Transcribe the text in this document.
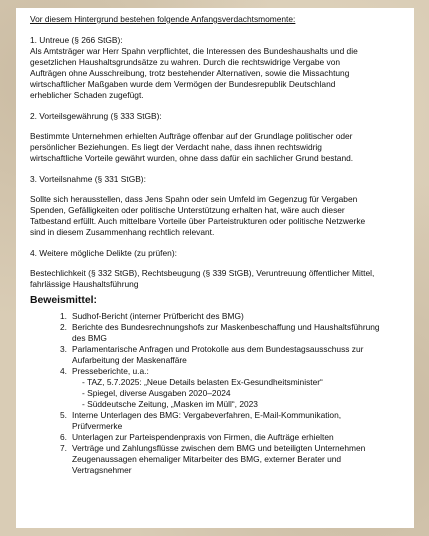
Vor diesem Hintergrund bestehen folgende Anfangsverdachtsmomente:

1. Untreue (§ 266 StGB):

Als Amtsträger war Herr Spahn verpflichtet, die Interessen des Bundeshaushalts und die

gesetzlichen Haushaltsgrundsätze zu wahren. Durch die rechtswidrige Vergabe von

Aufträgen ohne Ausschreibung, trotz bestehender Alternativen, sowie die Missachtung

wirtschaftlicher Maßgaben wurde dem Vermögen der Bundesrepublik Deutschland

erheblicher Schaden zugefügt.

2. Vorteilsgewährung (§ 333 StGB):

Bestimmte Unternehmen erhielten Aufträge offenbar auf der Grundlage politischer oder

persönlicher Beziehungen. Es liegt der Verdacht nahe, dass ihnen rechtswidrig

wirtschaftliche Vorteile gewährt wurden, ohne dass dafür ein sachlicher Grund bestand.

3. Vorteilsnahme (§ 331 StGB):

Sollte sich herausstellen, dass Jens Spahn oder sein Umfeld im Gegenzug für Vergaben

Spenden, Gefälligkeiten oder politische Unterstützung erhalten hat, wäre auch dieser

Tatbestand erfüllt. Auch mittelbare Vorteile über Parteistrukturen oder politische Netzwerke

sind in diesem Zusammenhang rechtlich relevant.

4. Weitere mögliche Delikte (zu prüfen):

Bestechlichkeit (§ 332 StGB), Rechtsbeugung (§ 339 StGB), Veruntreuung öffentlicher Mittel,

fahrlässige Haushaltsführung

Beweismittel:

1. Sudhof-Bericht (interner Prüfbericht des BMG)
2. Berichte des Bundesrechnungshofs zur Maskenbeschaffung und Haushaltsführung
des BMG
3. Parlamentarische Anfragen und Protokolle aus dem Bundestagsausschuss zur
Aufarbeitung der Maskenaffäre
4. Presseberichte, u.a.:
- TAZ, 5.7.2025: „Neue Details belasten Ex-Gesundheitsminister“
- Spiegel, diverse Ausgaben 2020–2024
- Süddeutsche Zeitung, „Masken im Müll“, 2023
5. Interne Unterlagen des BMG: Vergabeverfahren, E-Mail-Kommunikation,
Prüfvermerke
6. Unterlagen zur Parteispendenpraxis von Firmen, die Aufträge erhielten
7. Verträge und Zahlungsflüsse zwischen dem BMG und beteiligten Unternehmen
Zeugenaussagen ehemaliger Mitarbeiter des BMG, externer Berater und
Vertragsnehmer
